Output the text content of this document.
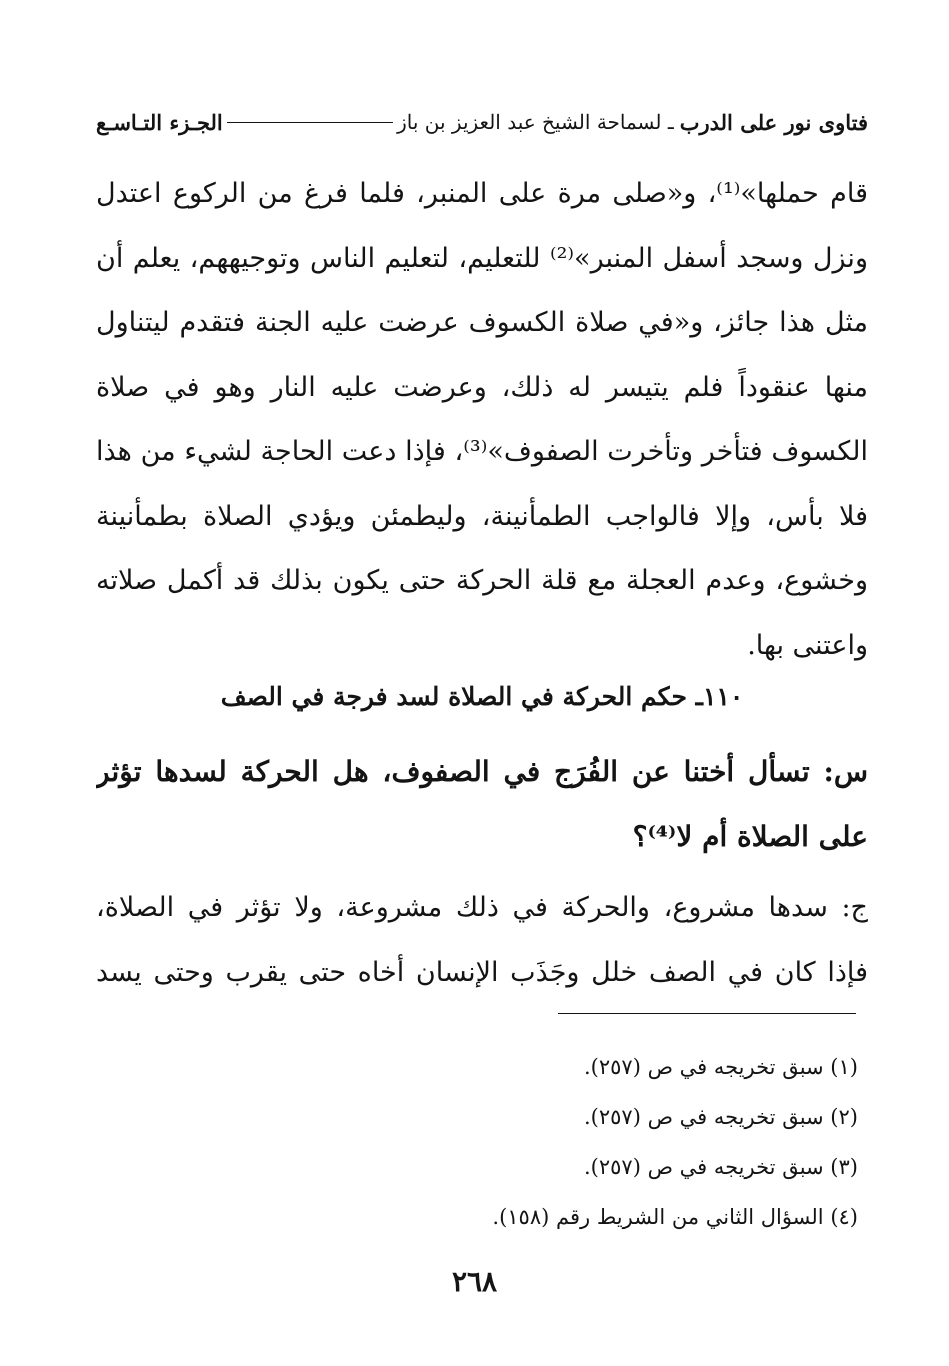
فتاوى نور على الدرب
ـ لسماحة الشيخ عبد العزيز بن باز
الجـزء التـاسـع
قام حملها»⁽¹⁾، و«صلى مرة على المنبر، فلما فرغ من الركوع اعتدل
ونزل وسجد أسفل المنبر»⁽²⁾ للتعليم، لتعليم الناس وتوجيههم، يعلم أن
مثل هذا جائز، و«في صلاة الكسوف عرضت عليه الجنة فتقدم ليتناول
منها عنقوداً فلم يتيسر له ذلك، وعرضت عليه النار وهو في صلاة
الكسوف فتأخر وتأخرت الصفوف»⁽³⁾، فإذا دعت الحاجة لشيء من هذا
فلا بأس، وإلا فالواجب الطمأنينة، وليطمئن ويؤدي الصلاة بطمأنينة
وخشوع، وعدم العجلة مع قلة الحركة حتى يكون بذلك قد أكمل صلاته
واعتنى بها.
١١٠ـ حكم الحركة في الصلاة لسد فرجة في الصف
س: تسأل أختنا عن الفُرَج في الصفوف، هل الحركة لسدها تؤثر
على الصلاة أم لا⁽⁴⁾؟
ج: سدها مشروع، والحركة في ذلك مشروعة، ولا تؤثر في الصلاة،
فإذا كان في الصف خلل وجَذَب الإنسان أخاه حتى يقرب وحتى يسد
(١) سبق تخريجه في ص (٢٥٧).
(٢) سبق تخريجه في ص (٢٥٧).
(٣) سبق تخريجه في ص (٢٥٧).
(٤) السؤال الثاني من الشريط رقم (١٥٨).
٢٦٨
